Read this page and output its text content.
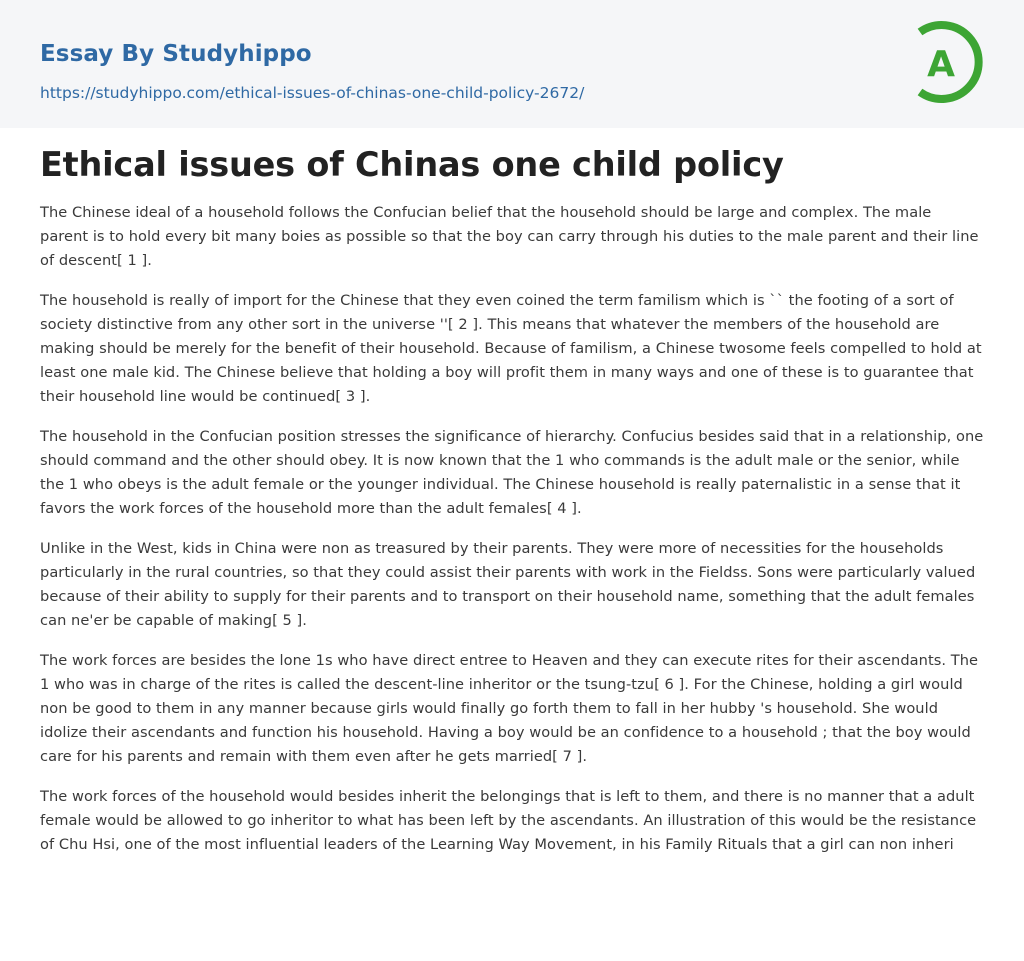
Essay By Studyhippo
https://studyhippo.com/ethical-issues-of-chinas-one-child-policy-2672/
A
Ethical issues of Chinas one child policy

The Chinese ideal of a household follows the Confucian belief that the household should be large and complex. The male parent is to hold every bit many boies as possible so that the boy can carry through his duties to the male parent and their line of descent[ 1 ].

The household is really of import for the Chinese that they even coined the term familism which is `` the footing of a sort of society distinctive from any other sort in the universe ''[ 2 ]. This means that whatever the members of the household are making should be merely for the benefit of their household. Because of familism, a Chinese twosome feels compelled to hold at least one male kid. The Chinese believe that holding a boy will profit them in many ways and one of these is to guarantee that their household line would be continued[ 3 ].

The household in the Confucian position stresses the significance of hierarchy. Confucius besides said that in a relationship, one should command and the other should obey. It is now known that the 1 who commands is the adult male or the senior, while the 1 who obeys is the adult female or the younger individual. The Chinese household is really paternalistic in a sense that it favors the work forces of the household more than the adult females[ 4 ].

Unlike in the West, kids in China were non as treasured by their parents. They were more of necessities for the households particularly in the rural countries, so that they could assist their parents with work in the Fieldss. Sons were particularly valued because of their ability to supply for their parents and to transport on their household name, something that the adult females can ne'er be capable of making[ 5 ].

The work forces are besides the lone 1s who have direct entree to Heaven and they can execute rites for their ascendants. The 1 who was in charge of the rites is called the descent-line inheritor or the tsung-tzu[ 6 ]. For the Chinese, holding a girl would non be good to them in any manner because girls would finally go forth them to fall in her hubby 's household. She would idolize their ascendants and function his household. Having a boy would be an confidence to a household ; that the boy would care for his parents and remain with them even after he gets married[ 7 ].

The work forces of the household would besides inherit the belongings that is left to them, and there is no manner that a adult female would be allowed to go inheritor to what has been left by the ascendants. An illustration of this would be the resistance of Chu Hsi, one of the most influential leaders of the Learning Way Movement, in his Family Rituals that a girl can non inheri
